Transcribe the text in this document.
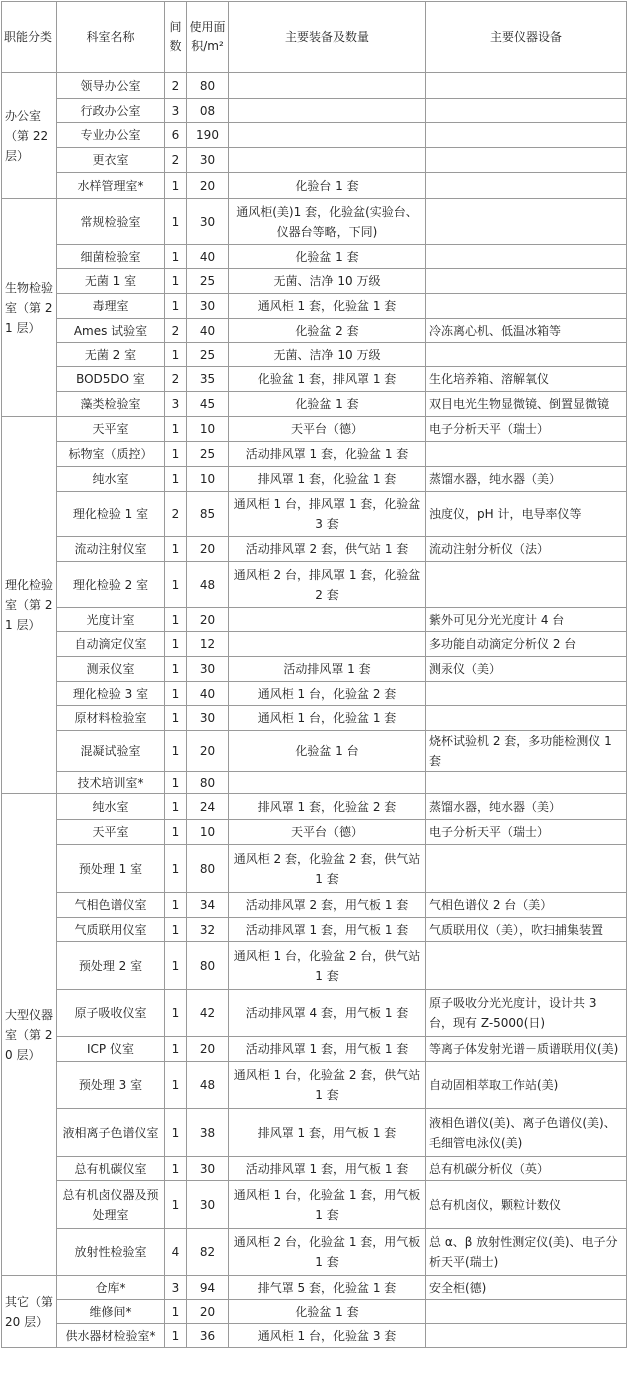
职能分类	科室名称	间数	使用面积/m²	主要装备及数量	主要仪器设备
办公室（第 22 层）	领导办公室	2	80		
	行政办公室	3	08		
	专业办公室	6	190		
	更衣室	2	30		
	水样管理室*	1	20	化验台 1 套	
生物检验室（第 21 层）	常规检验室	1	30	通风柜(美)1 套，化验盆(实验台、仪器台等略，下同)	
	细菌检验室	1	40	化验盆 1 套	
	无菌 1 室	1	25	无菌、洁净 10 万级	
	毒理室	1	30	通风柜 1 套，化验盆 1 套	
	Ames 试验室	2	40	化验盆 2 套	冷冻离心机、低温冰箱等
	无菌 2 室	1	25	无菌、洁净 10 万级	
	BOD5DO 室	2	35	化验盆 1 套，排风罩 1 套	生化培养箱、溶解氧仪
	藻类检验室	3	45	化验盆 1 套	双目电光生物显微镜、倒置显微镜
理化检验室（第 21 层）	天平室	1	10	天平台（德）	电子分析天平（瑞士）
	标物室（质控）	1	25	活动排风罩 1 套，化验盆 1 套	
	纯水室	1	10	排风罩 1 套，化验盆 1 套	蒸馏水器，纯水器（美）
	理化检验 1 室	2	85	通风柜 1 台，排风罩 1 套，化验盆 3 套	浊度仪，pH 计，电导率仪等
	流动注射仪室	1	20	活动排风罩 2 套，供气站 1 套	流动注射分析仪（法）
	理化检验 2 室	1	48	通风柜 2 台，排风罩 1 套，化验盆 2 套	
	光度计室	1	20		紫外可见分光光度计 4 台
	自动滴定仪室	1	12		多功能自动滴定分析仪 2 台
	测汞仪室	1	30	活动排风罩 1 套	测汞仪（美）
	理化检验 3 室	1	40	通风柜 1 台，化验盆 2 套	
	原材料检验室	1	30	通风柜 1 台，化验盆 1 套	
	混凝试验室	1	20	化验盆 1 台	烧杯试验机 2 套，多功能检测仪 1 套
	技术培训室*	1	80		
大型仪器室（第 20 层）	纯水室	1	24	排风罩 1 套，化验盆 2 套	蒸馏水器，纯水器（美）
	天平室	1	10	天平台（德）	电子分析天平（瑞士）
	预处理 1 室	1	80	通风柜 2 套，化验盆 2 套，供气站 1 套	
	气相色谱仪室	1	34	活动排风罩 2 套，用气板 1 套	气相色谱仪 2 台（美）
	气质联用仪室	1	32	活动排风罩 1 套，用气板 1 套	气质联用仪（美），吹扫捕集装置
	预处理 2 室	1	80	通风柜 1 台，化验盆 2 台，供气站 1 套	
	原子吸收仪室	1	42	活动排风罩 4 套，用气板 1 套	原子吸收分光光度计，设计共 3 台，现有 Z-5000(日)
	ICP 仪室	1	20	活动排风罩 1 套，用气板 1 套	等离子体发射光谱－质谱联用仪(美)
	预处理 3 室	1	48	通风柜 1 台，化验盆 2 套，供气站 1 套	自动固相萃取工作站(美)
	液相离子色谱仪室	1	38	排风罩 1 套，用气板 1 套	液相色谱仪(美)、离子色谱仪(美)、毛细管电泳仪(美)
	总有机碳仪室	1	30	活动排风罩 1 套，用气板 1 套	总有机碳分析仪（英）
	总有机卤仪器及预处理室	1	30	通风柜 1 台，化验盆 1 套，用气板 1 套	总有机卤仪，颗粒计数仪
	放射性检验室	4	82	通风柜 2 台，化验盆 1 套，用气板 1 套	总 α、β 放射性测定仪(美)、电子分析天平(瑞士)
其它（第 20 层）	仓库*	3	94	排气罩 5 套，化验盆 1 套	安全柜(德)
	维修间*	1	20	化验盆 1 套	
	供水器材检验室*	1	36	通风柜 1 台，化验盆 3 套	
